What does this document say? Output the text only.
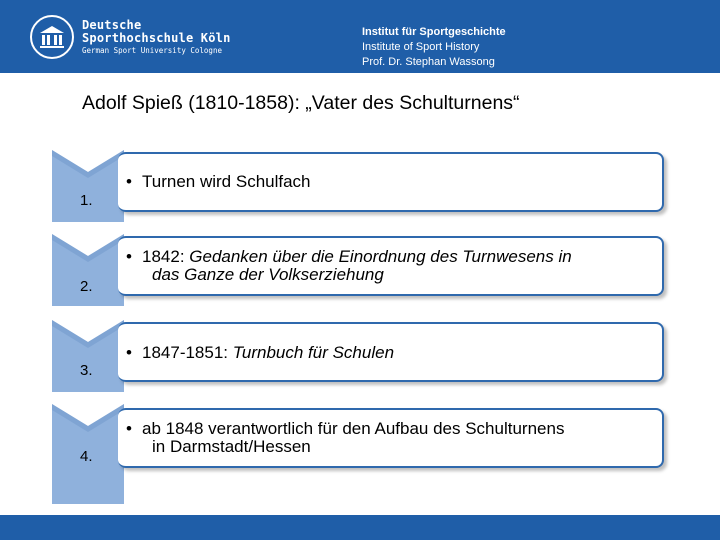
Deutsche
Sporthochschule Köln
German Sport University Cologne
Institut für Sportgeschichte
Institute of Sport History
Prof. Dr. Stephan Wassong
Adolf Spieß (1810-1858): „Vater des Schulturnens“
1.
• Turnen wird Schulfach
2.
• 1842: Gedanken über die Einordnung des Turnwesens in
das Ganze der Volkserziehung
3.
• 1847-1851: Turnbuch für Schulen
4.
• ab 1848 verantwortlich für den Aufbau des Schulturnens
in Darmstadt/Hessen
